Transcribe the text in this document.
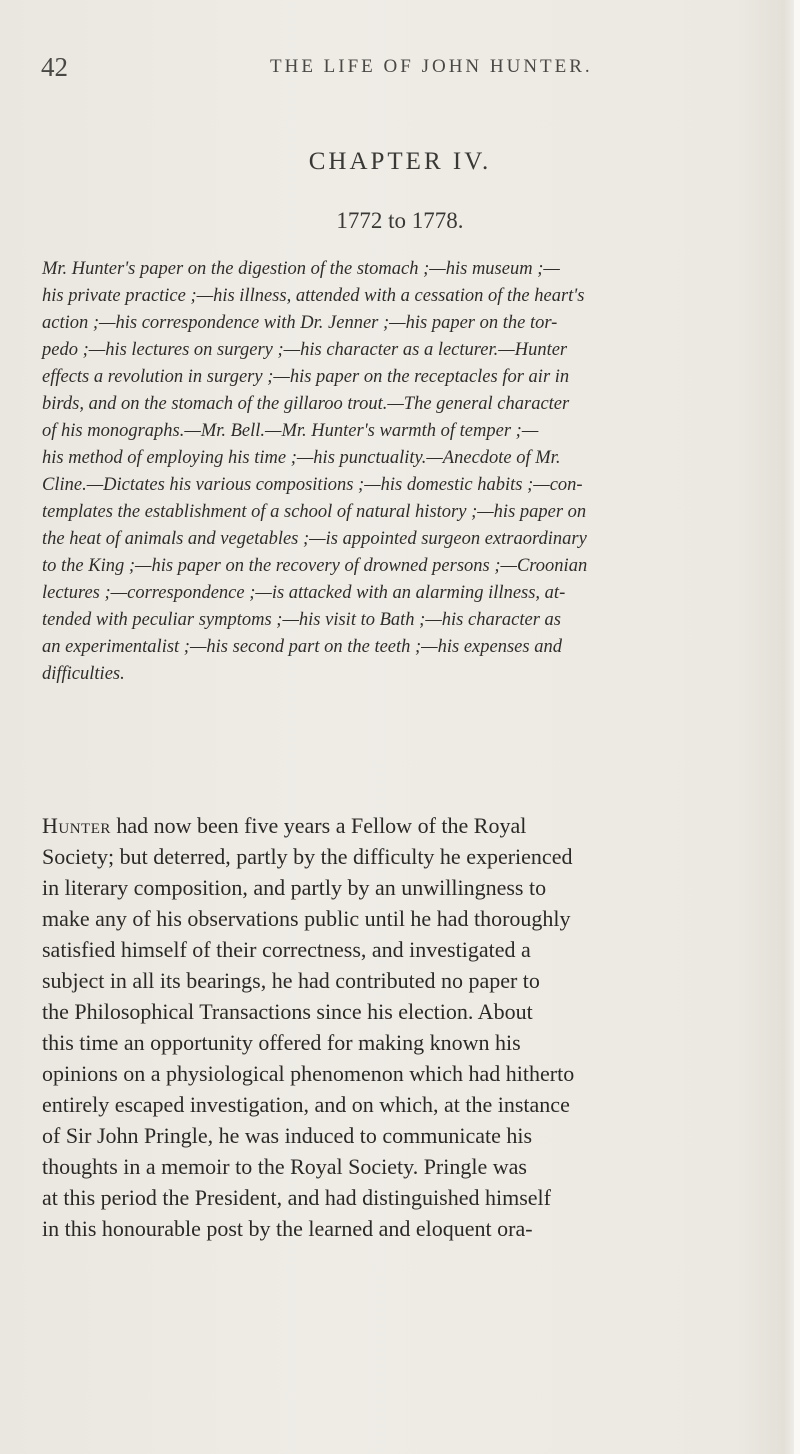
42	THE LIFE OF JOHN HUNTER.
CHAPTER IV.
1772 to 1778.

Mr. Hunter's paper on the digestion of the stomach ;—his museum ;—
his private practice ;—his illness, attended with a cessation of the heart's
action ;—his correspondence with Dr. Jenner ;—his paper on the tor-
pedo ;—his lectures on surgery ;—his character as a lecturer.—Hunter
effects a revolution in surgery ;—his paper on the receptacles for air in
birds, and on the stomach of the gillaroo trout.—The general character
of his monographs.—Mr. Bell.—Mr. Hunter's warmth of temper ;—
his method of employing his time ;—his punctuality.—Anecdote of Mr.
Cline.—Dictates his various compositions ;—his domestic habits ;—con-
templates the establishment of a school of natural history ;—his paper on
the heat of animals and vegetables ;—is appointed surgeon extraordinary
to the King ;—his paper on the recovery of drowned persons ;—Croonian
lectures ;—correspondence ;—is attacked with an alarming illness, at-
tended with peculiar symptoms ;—his visit to Bath ;—his character as
an experimentalist ;—his second part on the teeth ;—his expenses and
difficulties.

Hunter had now been five years a Fellow of the Royal
Society; but deterred, partly by the difficulty he experienced
in literary composition, and partly by an unwillingness to
make any of his observations public until he had thoroughly
satisfied himself of their correctness, and investigated a
subject in all its bearings, he had contributed no paper to
the Philosophical Transactions since his election. About
this time an opportunity offered for making known his
opinions on a physiological phenomenon which had hitherto
entirely escaped investigation, and on which, at the instance
of Sir John Pringle, he was induced to communicate his
thoughts in a memoir to the Royal Society. Pringle was
at this period the President, and had distinguished himself
in this honourable post by the learned and eloquent ora-
